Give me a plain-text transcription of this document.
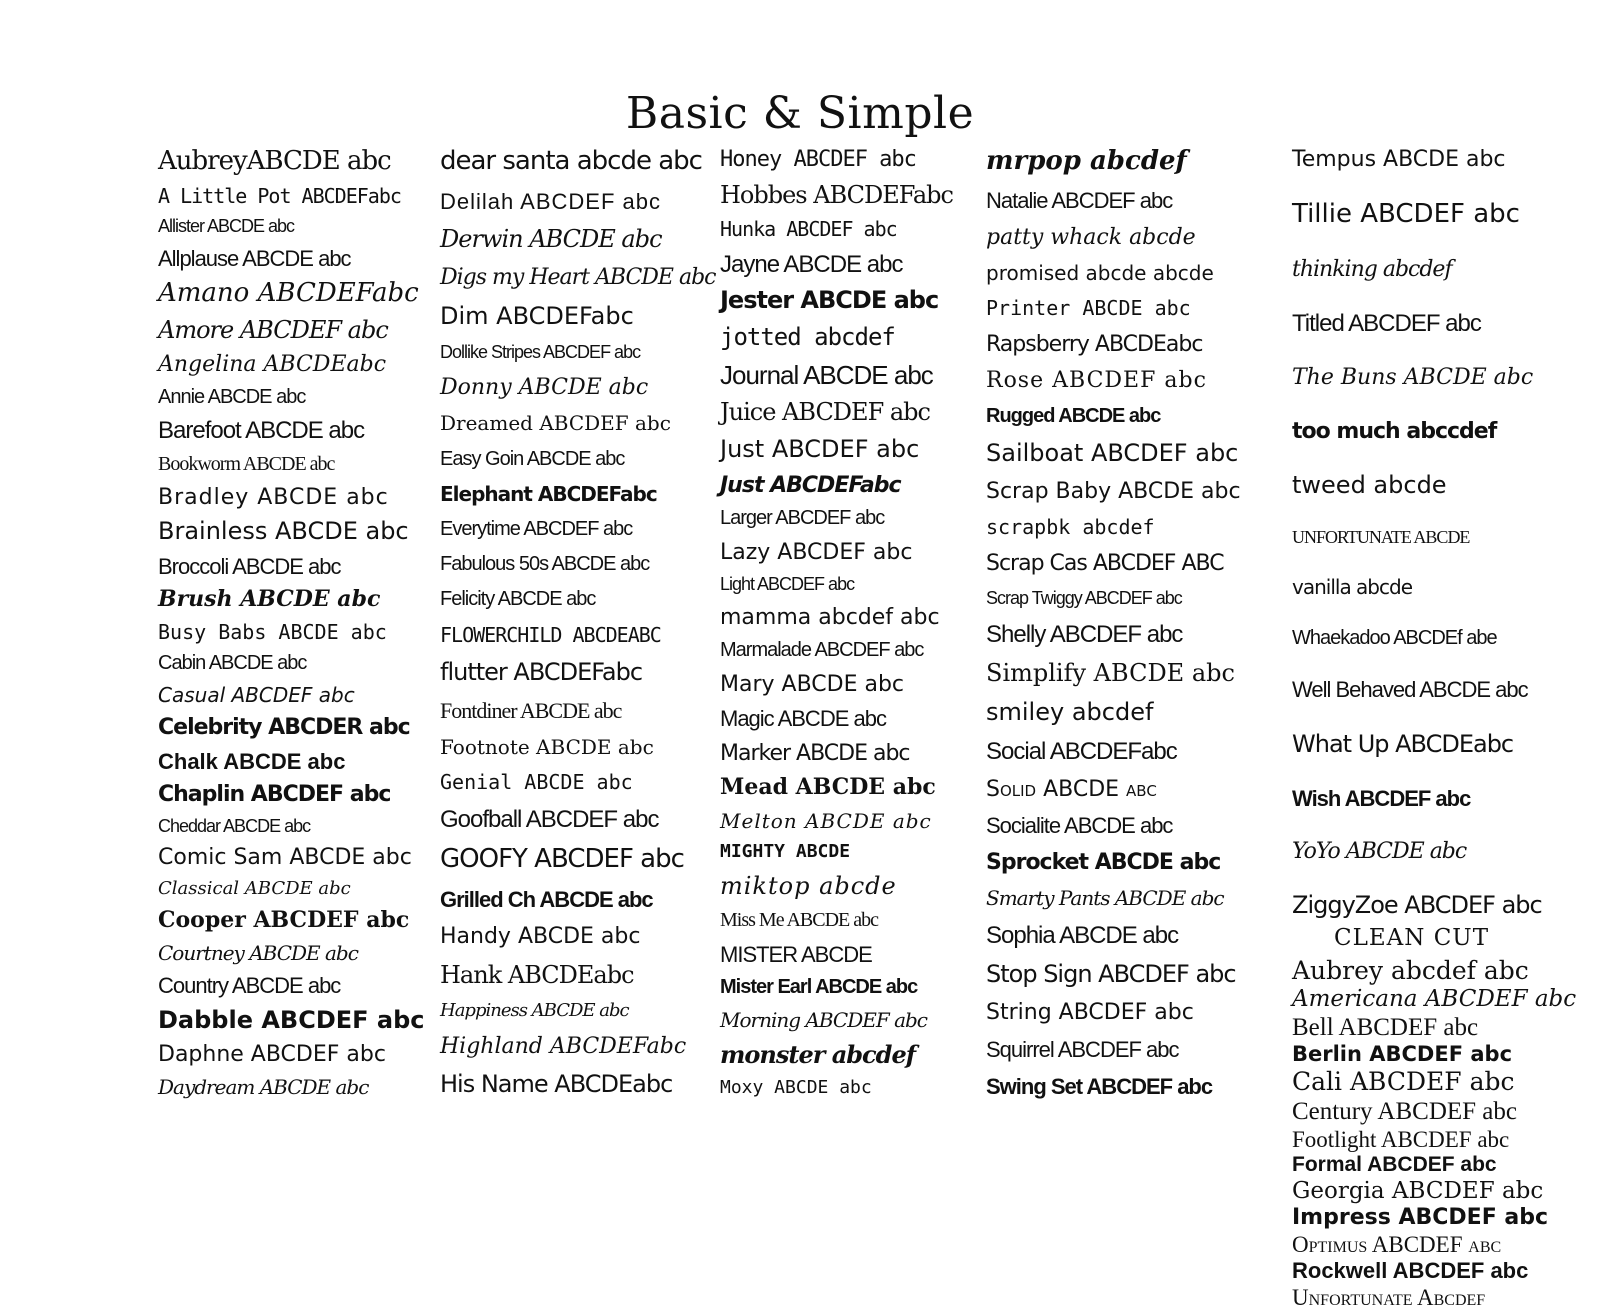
Basic & Simple
AubreyABCDE abc
A Little Pot ABCDEFabc
Allister ABCDE abc
Allplause ABCDE abc
Amano ABCDEFabc
Amore ABCDEF abc
Angelina ABCDEabc
Annie ABCDE abc
Barefoot ABCDE abc
Bookworm ABCDE abc
Bradley ABCDE abc
Brainless ABCDE abc
Broccoli ABCDE abc
Brush ABCDE abc
Busy Babs ABCDE abc
Cabin ABCDE abc
Casual ABCDEF abc
Celebrity ABCDER abc
Chalk ABCDE abc
Chaplin ABCDEF abc
Cheddar ABCDE abc
Comic Sam ABCDE abc
Classical ABCDE abc
Cooper ABCDEF abc
Courtney ABCDE abc
Country ABCDE abc
Dabble ABCDEF abc
Daphne ABCDEF abc
Daydream ABCDE abc
dear santa abcde abc
Delilah ABCDEF abc
Derwin ABCDE abc
Digs my Heart ABCDE abc
Dim ABCDEFabc
Dollike Stripes ABCDEF abc
Donny ABCDE abc
Dreamed ABCDEF abc
Easy Goin ABCDE abc
Elephant ABCDEFabc
Everytime ABCDEF abc
Fabulous 50s ABCDE abc
Felicity ABCDE abc
FLOWERCHILD ABCDEABC
flutter ABCDEFabc
Fontdiner ABCDE abc
Footnote ABCDE abc
Genial ABCDE abc
Goofball ABCDEF abc
GOOFY ABCDEF abc
Grilled Ch ABCDE abc
Handy ABCDE abc
Hank ABCDEabc
Happiness ABCDE abc
Highland ABCDEFabc
His Name ABCDEabc
Honey ABCDEF abc
Hobbes ABCDEFabc
Hunka ABCDEF abc
Jayne ABCDE abc
Jester ABCDE abc
jotted abcdef
Journal ABCDE abc
Juice ABCDEF abc
Just ABCDEF abc
Just ABCDEFabc
Larger ABCDEF abc
Lazy ABCDEF abc
Light ABCDEF abc
mamma abcdef abc
Marmalade ABCDEF abc
Mary ABCDE abc
Magic ABCDE abc
Marker ABCDE abc
Mead ABCDE abc
Melton ABCDE abc
MIGHTY ABCDE
miktop abcde
Miss Me ABCDE abc
MISTER ABCDE
Mister Earl ABCDE abc
Morning ABCDEF abc
monster abcdef
Moxy ABCDE abc
mrpop abcdef
Natalie ABCDEF abc
patty whack abcde
promised abcde abcde
Printer ABCDE abc
Rapsberry ABCDEabc
Rose ABCDEF abc
Rugged ABCDE abc
Sailboat ABCDEF abc
Scrap Baby ABCDE abc
scrapbk abcdef
Scrap Cas ABCDEF ABC
Scrap Twiggy ABCDEF abc
Shelly ABCDEF abc
Simplify ABCDE abc
smiley abcdef
Social ABCDEFabc
Solid ABCDE abc
Socialite ABCDE abc
Sprocket ABCDE abc
Smarty Pants ABCDE abc
Sophia ABCDE abc
Stop Sign ABCDEF abc
String ABCDEF abc
Squirrel ABCDEF abc
Swing Set ABCDEF abc
Tempus ABCDE abc
Tillie ABCDEF abc
thinking abcdef
Titled ABCDEF abc
The Buns ABCDE abc
too much abccdef
tweed abcde
UNFORTUNATE ABCDE
vanilla abcde
Whaekadoo ABCDEf abe
Well Behaved ABCDE abc
What Up ABCDEabc
Wish ABCDEF abc
YoYo ABCDE abc
ZiggyZoe ABCDEF abc
CLEAN CUT
Aubrey abcdef abc
Americana ABCDEF abc
Bell ABCDEF abc
Berlin ABCDEF abc
Cali ABCDEF abc
Century ABCDEF abc
Footlight ABCDEF abc
Formal ABCDEF abc
Georgia ABCDEF abc
Impress ABCDEF abc
Optimus ABCDEF abc
Rockwell ABCDEF abc
Unfortunate Abcdef
